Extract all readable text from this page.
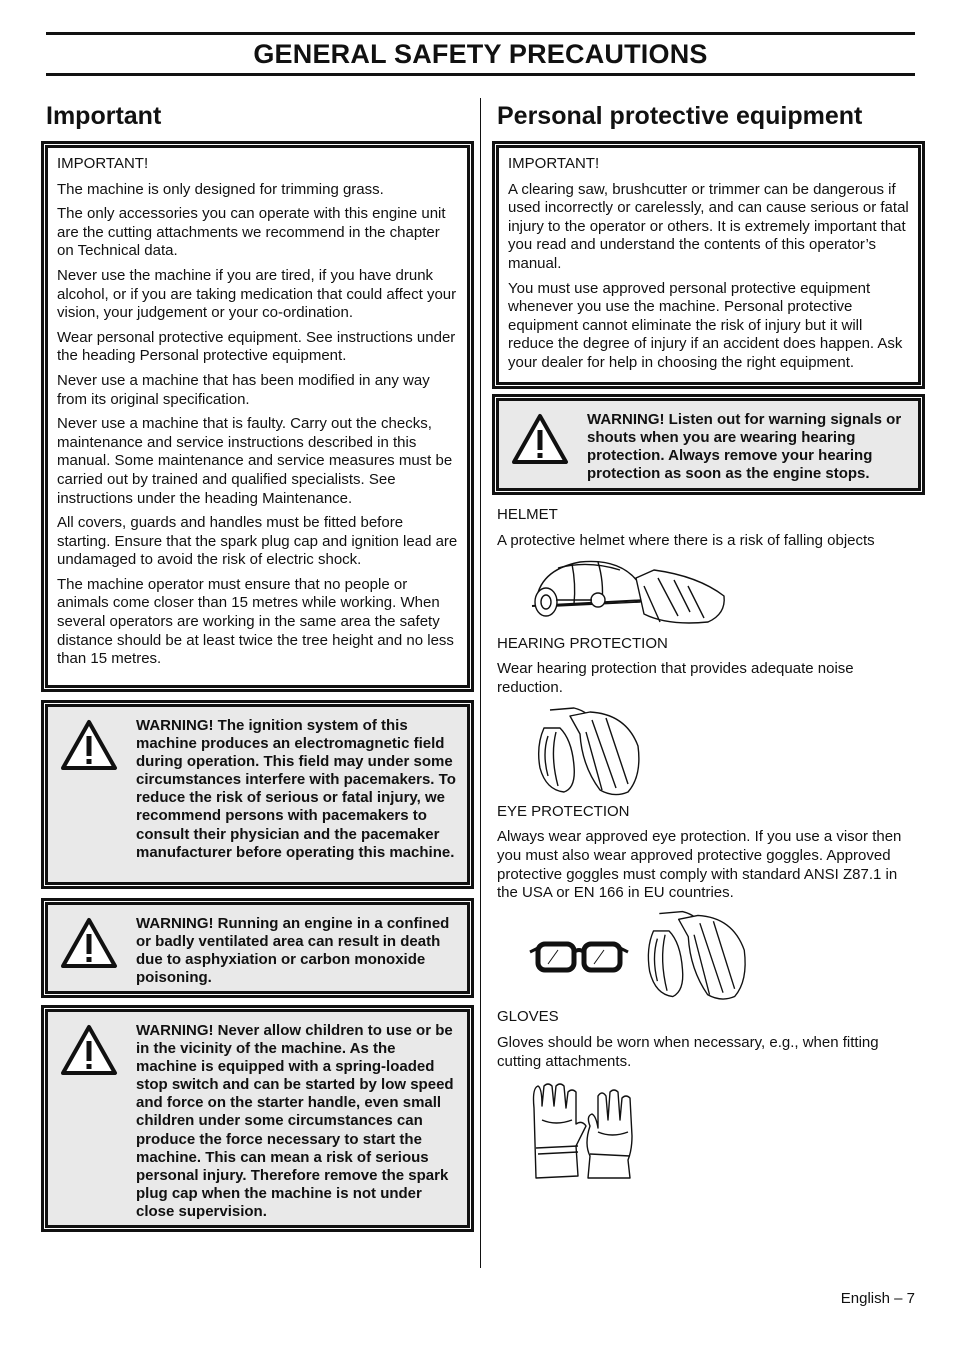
GENERAL SAFETY PRECAUTIONS
Important

IMPORTANT!

The machine is only designed for trimming grass.

The only accessories you can operate with this engine unit are the cutting attachments we recommend in the chapter on Technical data.

Never use the machine if you are tired, if you have drunk alcohol, or if you are taking medication that could affect your vision, your judgement or your co-ordination.

Wear personal protective equipment. See instructions under the heading Personal protective equipment.

Never use a machine that has been modified in any way from its original specification.

Never use a machine that is faulty. Carry out the checks, maintenance and service instructions described in this manual. Some maintenance and service measures must be carried out by trained and qualified specialists. See instructions under the heading Maintenance.

All covers, guards and handles must be fitted before starting. Ensure that the spark plug cap and ignition lead are undamaged to avoid the risk of electric shock.

The machine operator must ensure that no people or animals come closer than 15 metres while working. When several operators are working in the same area the safety distance should be at least twice the tree height and no less than 15 metres.

WARNING! The ignition system of this machine produces an electromagnetic field during operation. This field may under some circumstances interfere with pacemakers. To reduce the risk of serious or fatal injury, we recommend persons with pacemakers to consult their physician and the pacemaker manufacturer before operating this machine.

WARNING! Running an engine in a confined or badly ventilated area can result in death due to asphyxiation or carbon monoxide poisoning.

WARNING! Never allow children to use or be in the vicinity of the machine. As the machine is equipped with a spring-loaded stop switch and can be started by low speed and force on the starter handle, even small children under some circumstances can produce the force necessary to start the machine. This can mean a risk of serious personal injury. Therefore remove the spark plug cap when the machine is not under close supervision.

Personal protective equipment

IMPORTANT!

A clearing saw, brushcutter or trimmer can be dangerous if used incorrectly or carelessly, and can cause serious or fatal injury to the operator or others. It is extremely important that you read and understand the contents of this operator’s manual.

You must use approved personal protective equipment whenever you use the machine. Personal protective equipment cannot eliminate the risk of injury but it will reduce the degree of injury if an accident does happen. Ask your dealer for help in choosing the right equipment.

WARNING! Listen out for warning signals or shouts when you are wearing hearing protection. Always remove your hearing protection as soon as the engine stops.

HELMET

A protective helmet where there is a risk of falling objects

HEARING PROTECTION

Wear hearing protection that provides adequate noise reduction.

EYE PROTECTION

Always wear approved eye protection. If you use a visor then you must also wear approved protective goggles. Approved protective goggles must comply with standard ANSI Z87.1 in the USA or EN 166 in EU countries.

GLOVES

Gloves should be worn when necessary, e.g., when fitting cutting attachments.

English – 7
